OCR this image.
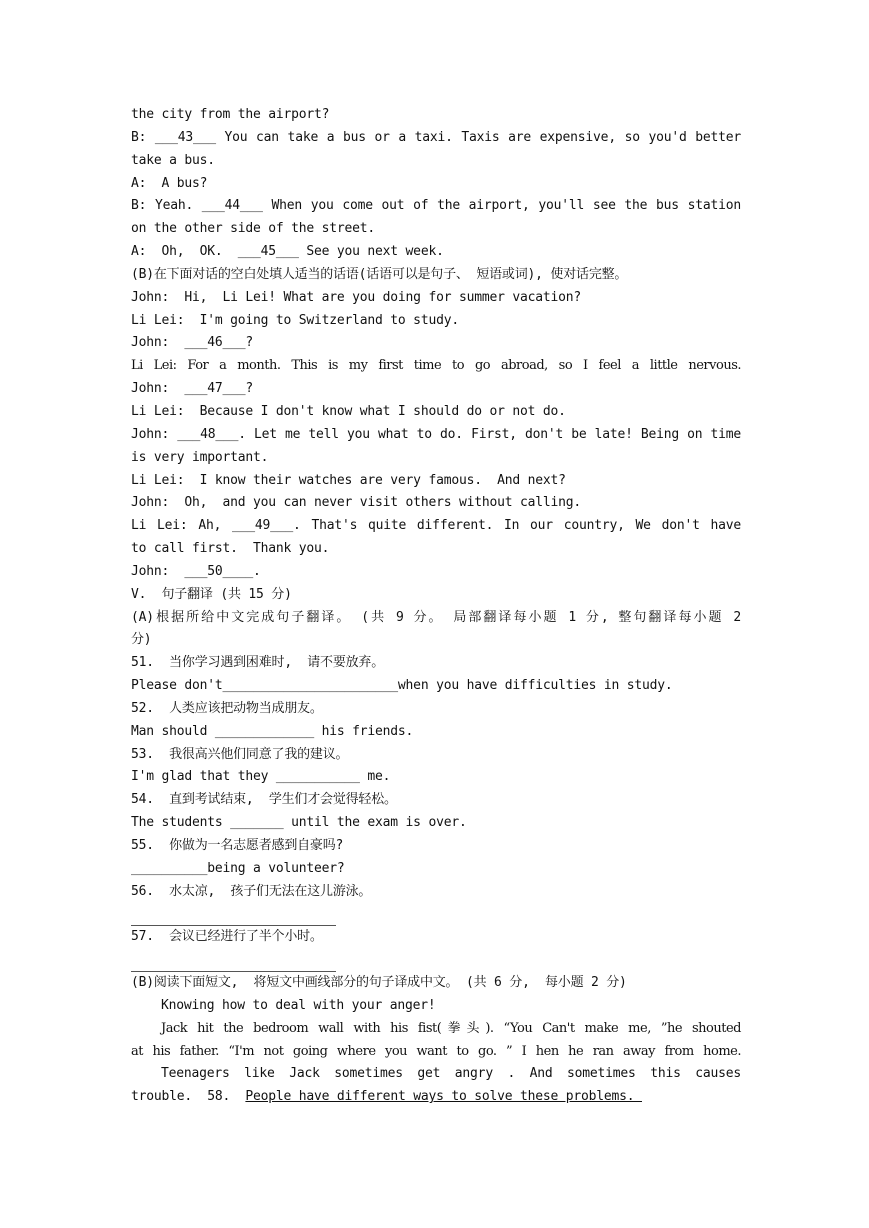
the city from the airport?
B: ___43___ You can take a bus or a taxi. Taxis are expensive, so you'd better
take a bus.
A:  A bus?
B: Yeah. ___44___ When you come out of the airport, you'll see the bus station
on the other side of the street.
A:  Oh,  OK.  ___45___ See you next week.
(B)在下面对话的空白处填人适当的话语(话语可以是句子、 短语或词), 使对话完整。
John:  Hi,  Li Lei! What are you doing for summer vacation?
Li Lei:  I'm going to Switzerland to study.
John:  ___46___?
Li Lei: For a month. This is my first time to go abroad, so I feel a little nervous.
John:  ___47___?
Li Lei:  Because I don't know what I should do or not do.
John: ___48___. Let me tell you what to do. First, don't be late! Being on time
is very important.
Li Lei:  I know their watches are very famous.  And next?
John:  Oh,  and you can never visit others without calling.
Li Lei: Ah, ___49___. That's quite different. In our country, We don't have
to call first.  Thank you.
John:  ___50____.
V.  句子翻译 (共 15 分)
(A)根据所给中文完成句子翻译。 (共 9 分。 局部翻译每小题 1 分, 整句翻译每小题 2
分)
51.  当你学习遇到困难时,  请不要放弃。
Please don't_______________________when you have difficulties in study.
52.  人类应该把动物当成朋友。
Man should _____________ his friends.
53.  我很高兴他们同意了我的建议。
I'm glad that they ___________ me.
54.  直到考试结束,  学生们才会觉得轻松。
The students _______ until the exam is over.
55.  你做为一名志愿者感到自豪吗?
__________being a volunteer?
56.  水太凉,  孩子们无法在这儿游泳。
57.  会议已经进行了半个小时。
(B)阅读下面短文,  将短文中画线部分的句子译成中文。 (共 6 分,  每小题 2 分)
Knowing how to deal with your anger!
Jack hit the bedroom wall with his fist(拳头). “You Can't make me, ”he shouted
at his father. “I'm not going where you want to go. ” I hen he ran away from home.
Teenagers like Jack sometimes get angry . And sometimes this causes
trouble.  58.  People have different ways to solve these problems.
